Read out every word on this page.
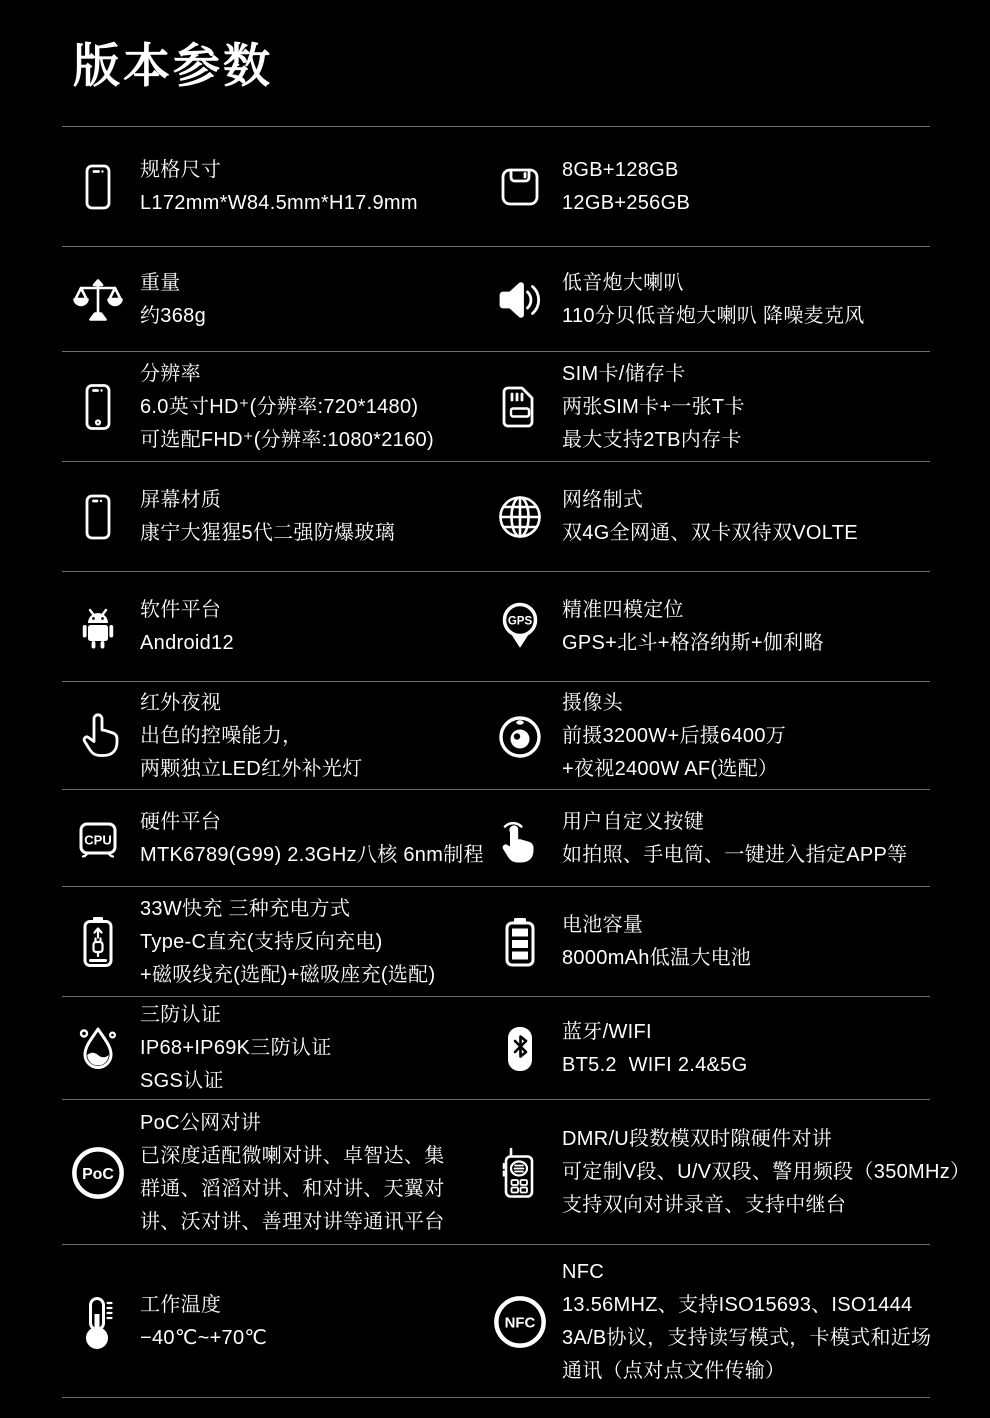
版本参数
规格尺寸
L172mm*W84.5mm*H17.9mm
8GB+128GB
12GB+256GB
重量
约368g
低音炮大喇叭
110分贝低音炮大喇叭 降噪麦克风
分辨率
6.0英寸HD⁺(分辨率:720*1480)
可选配FHD⁺(分辨率:1080*2160)
SIM卡/储存卡
两张SIM卡+一张T卡
最大支持2TB内存卡
屏幕材质
康宁大猩猩5代二强防爆玻璃
网络制式
双4G全网通、双卡双待双VOLTE
软件平台
Android12
GPS
精准四模定位
GPS+北斗+格洛纳斯+伽利略
红外夜视
出色的控噪能力，
两颗独立LED红外补光灯
摄像头
前摄3200W+后摄6400万
+夜视2400W AF(选配）
CPU
硬件平台
MTK6789(G99) 2.3GHz八核 6nm制程
用户自定义按键
如拍照、手电筒、一键进入指定APP等
33W快充 三种充电方式
Type-C直充(支持反向充电)
+磁吸线充(选配)+磁吸座充(选配)
电池容量
8000mAh低温大电池
三防认证
IP68+IP69K三防认证
SGS认证
蓝牙/WIFI
BT5.2  WIFI 2.4&5G
PoC
PoC公网对讲
已深度适配微喇对讲、卓智达、集
群通、滔滔对讲、和对讲、天翼对
讲、沃对讲、善理对讲等通讯平台
DMR/U段数模双时隙硬件对讲
可定制V段、U/V双段、警用频段（350MHz）
支持双向对讲录音、支持中继台
工作温度
−40℃~+70℃
NFC
NFC
13.56MHZ、支持ISO15693、ISO1444
3A/B协议，支持读写模式，卡模式和近场
通讯（点对点文件传输）
